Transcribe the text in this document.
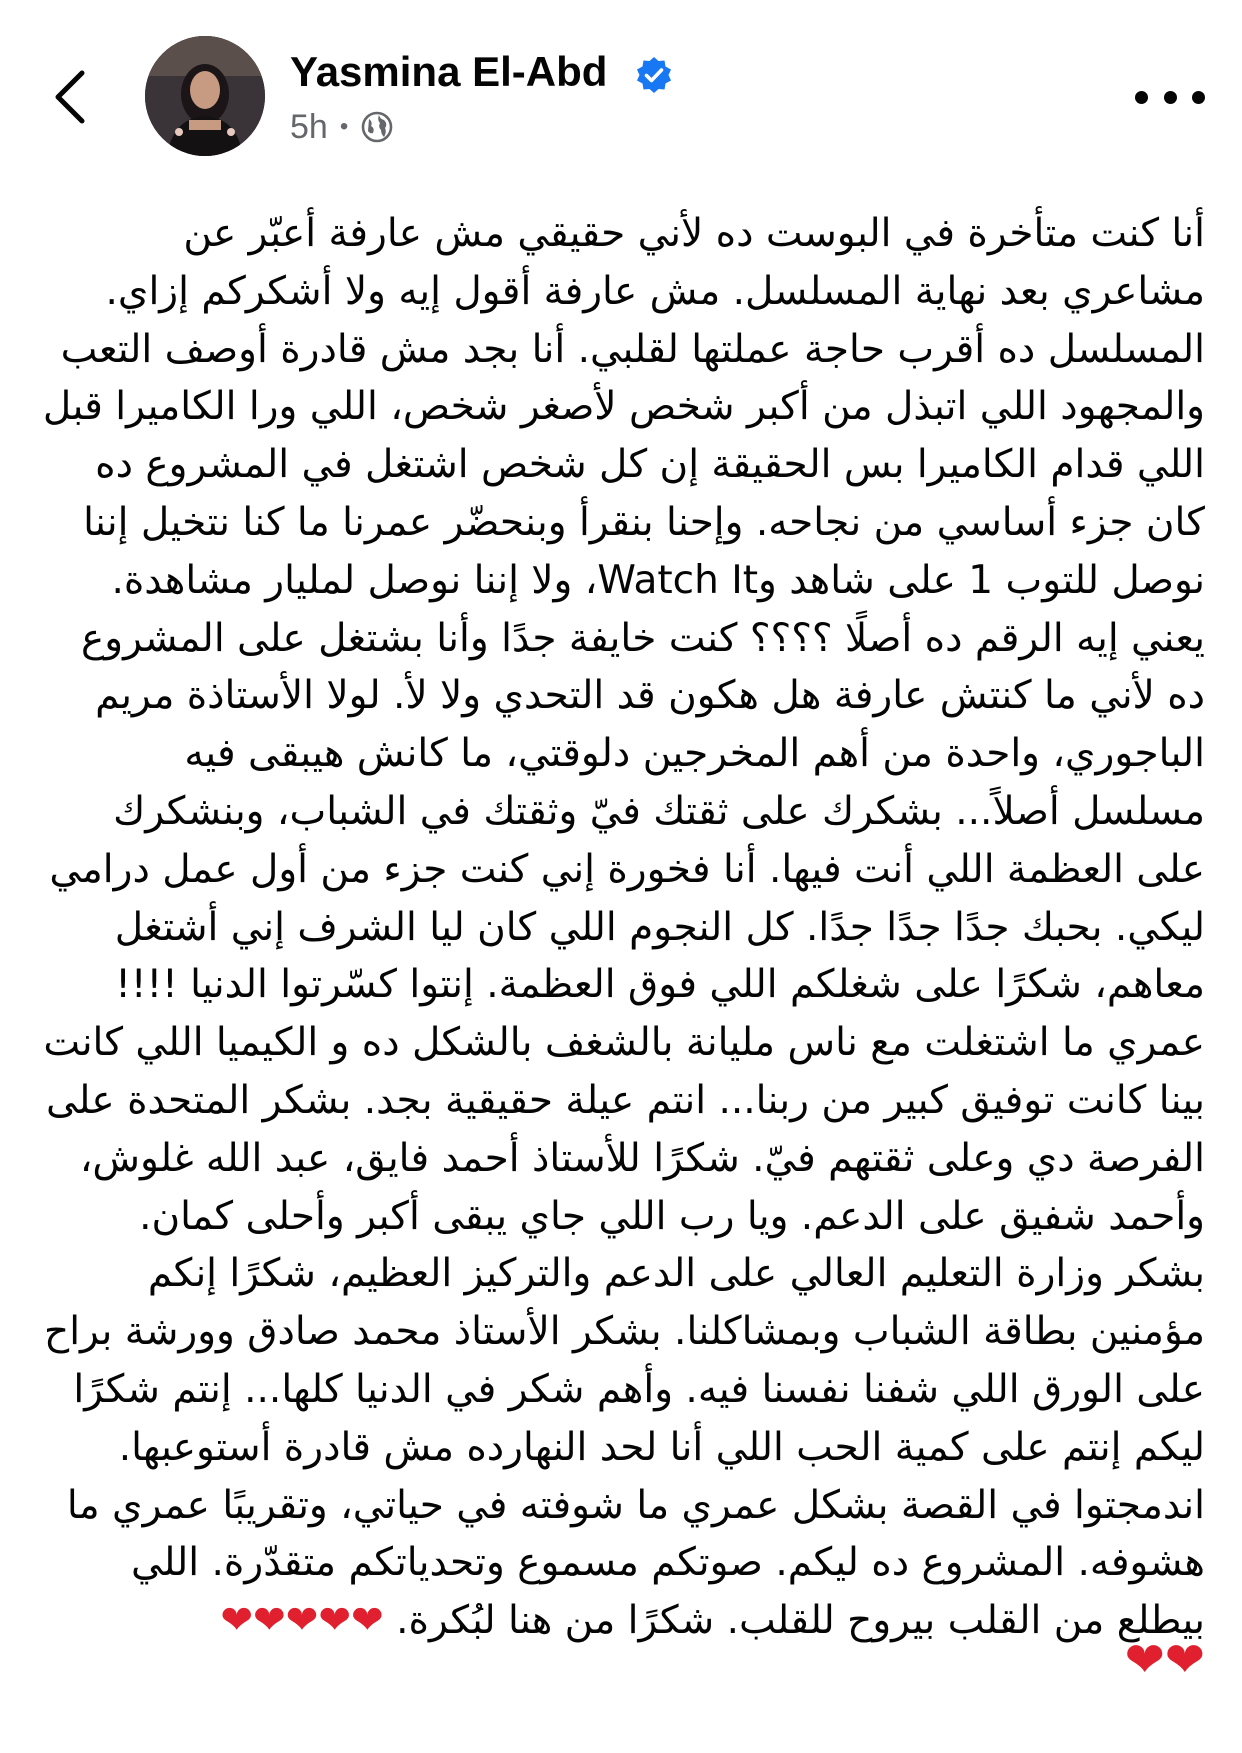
Yasmina El-Abd
5h •
أنا كنت متأخرة في البوست ده لأني حقيقي مش عارفة أعبّر عن مشاعري بعد نهاية المسلسل. مش عارفة أقول إيه ولا أشكركم إزاي. المسلسل ده أقرب حاجة عملتها لقلبي. أنا بجد مش قادرة أوصف التعب والمجهود اللي اتبذل من أكبر شخص لأصغر شخص، اللي ورا الكاميرا قبل اللي قدام الكاميرا بس الحقيقة إن كل شخص اشتغل في المشروع ده كان جزء أساسي من نجاحه. وإحنا بنقرأ وبنحضّر عمرنا ما كنا نتخيل إننا نوصل للتوب 1 على شاهد وWatch It، ولا إننا نوصل لمليار مشاهدة. يعني إيه الرقم ده أصلًا ؟؟؟؟ كنت خايفة جدًا وأنا بشتغل على المشروع ده لأني ما كنتش عارفة هل هكون قد التحدي ولا لأ. لولا الأستاذة مريم الباجوري، واحدة من أهم المخرجين دلوقتي، ما كانش هيبقى فيه مسلسل أصلاً... بشكرك على ثقتك فيّ وثقتك في الشباب، وبنشكرك على العظمة اللي أنت فيها. أنا فخورة إني كنت جزء من أول عمل درامي ليكي. بحبك جدًا جدًا جدًا. كل النجوم اللي كان ليا الشرف إني أشتغل معاهم، شكرًا على شغلكم اللي فوق العظمة. إنتوا كسّرتوا الدنيا !!!! عمري ما اشتغلت مع ناس مليانة بالشغف بالشكل ده و الكيميا اللي كانت بينا كانت توفيق كبير من ربنا... انتم عيلة حقيقية بجد. بشكر المتحدة على الفرصة دي وعلى ثقتهم فيّ. شكرًا للأستاذ أحمد فايق، عبد الله غلوش، وأحمد شفيق على الدعم. ويا رب اللي جاي يبقى أكبر وأحلى كمان. بشكر وزارة التعليم العالي على الدعم والتركيز العظيم، شكرًا إنكم مؤمنين بطاقة الشباب وبمشاكلنا. بشكر الأستاذ محمد صادق وورشة براح على الورق اللي شفنا نفسنا فيه. وأهم شكر في الدنيا كلها... إنتم شكرًا ليكم إنتم على كمية الحب اللي أنا لحد النهارده مش قادرة أستوعبها. اندمجتوا في القصة بشكل عمري ما شوفته في حياتي، وتقريبًا عمري ما هشوفه. المشروع ده ليكم. صوتكم مسموع وتحدياتكم متقدّرة. اللي بيطلع من القلب بيروح للقلب. شكرًا من هنا لبُكرة. ❤❤❤❤❤
❤❤
